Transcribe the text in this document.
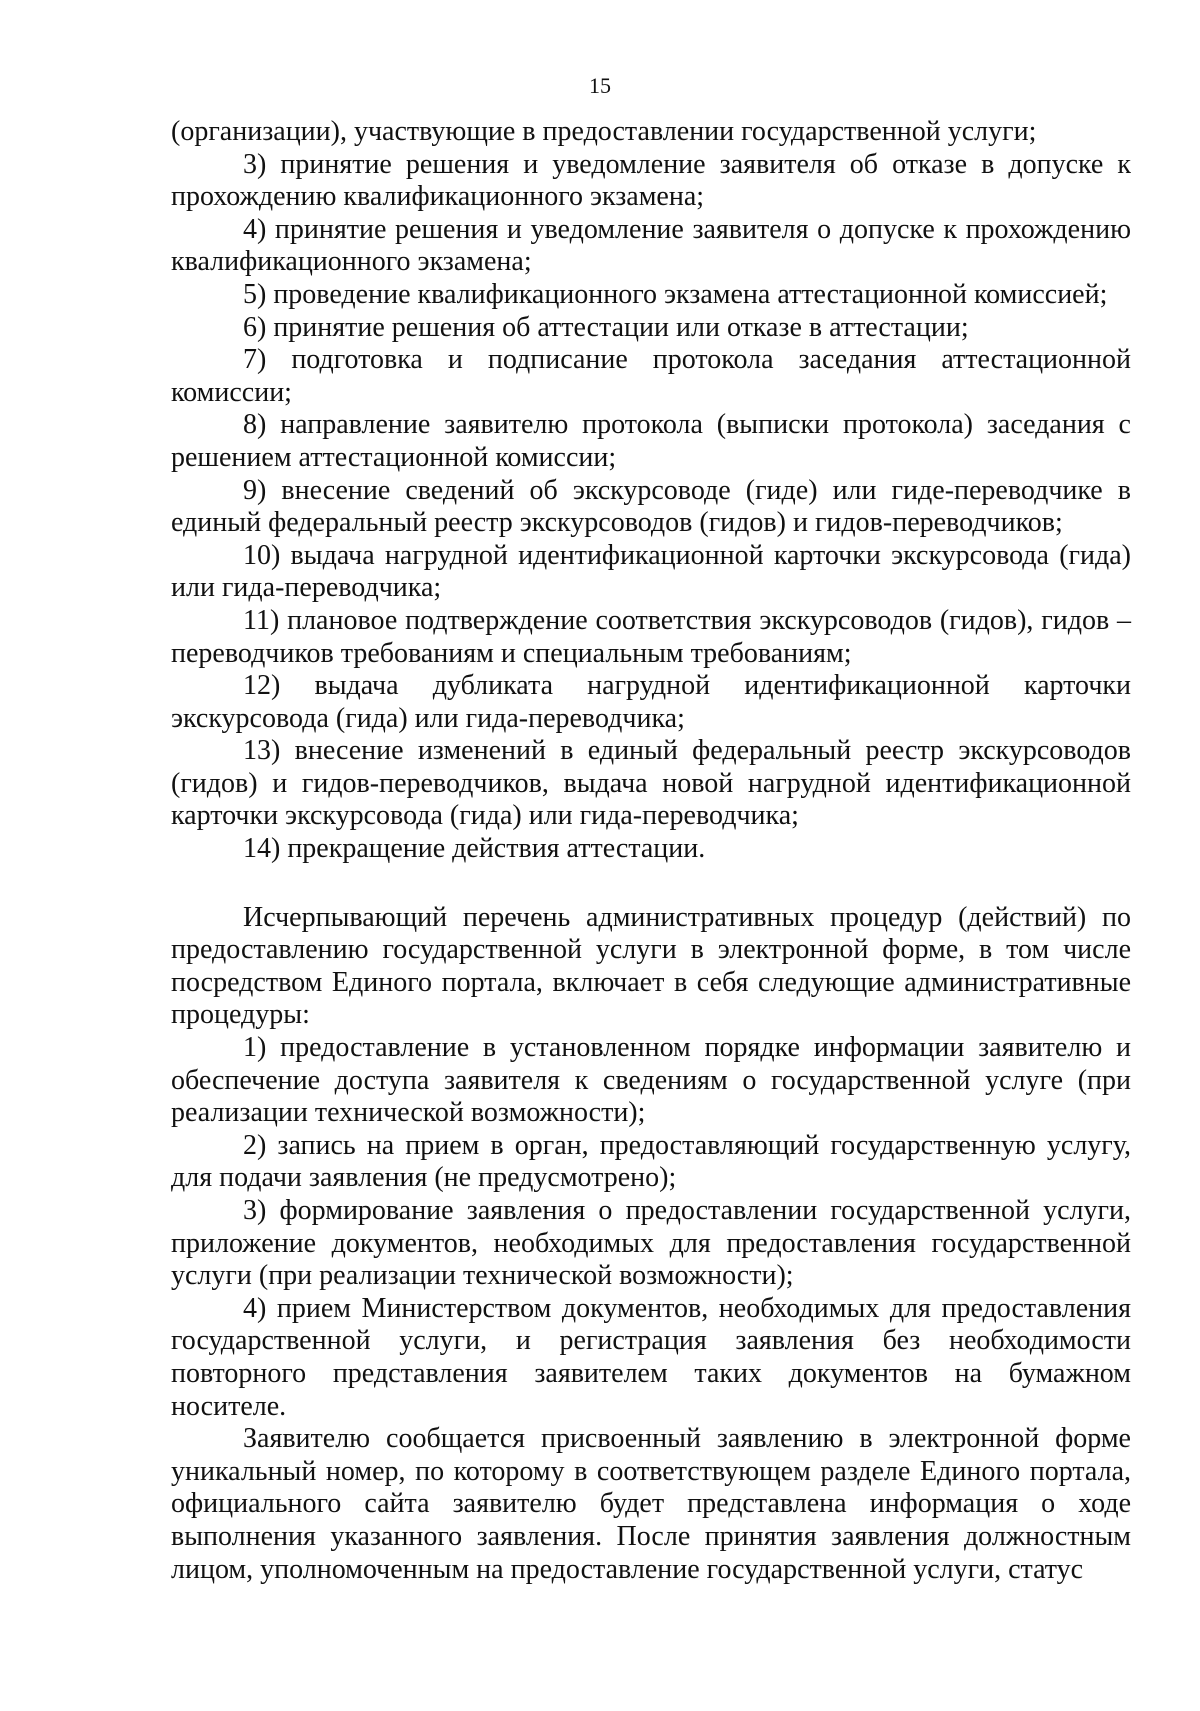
15

(организации), участвующие в предоставлении государственной услуги;

3) принятие решения и уведомление заявителя об отказе в допуске к прохождению квалификационного экзамена;

4) принятие решения и уведомление заявителя о допуске к прохождению квалификационного экзамена;

5) проведение квалификационного экзамена аттестационной комиссией;

6) принятие решения об аттестации или отказе в аттестации;

7) подготовка и подписание протокола заседания аттестационной комиссии;

8) направление заявителю протокола (выписки протокола) заседания с решением аттестационной комиссии;

9) внесение сведений об экскурсоводе (гиде) или гиде-переводчике в единый федеральный реестр экскурсоводов (гидов) и гидов-переводчиков;

10) выдача нагрудной идентификационной карточки экскурсовода (гида) или гида-переводчика;

11) плановое подтверждение соответствия экскурсоводов (гидов), гидов – переводчиков требованиям и специальным требованиям;

12) выдача дубликата нагрудной идентификационной карточки экскурсовода (гида) или гида-переводчика;

13) внесение изменений в единый федеральный реестр экскурсоводов (гидов) и гидов-переводчиков, выдача новой нагрудной идентификационной карточки экскурсовода (гида) или гида-переводчика;

14) прекращение действия аттестации.

Исчерпывающий перечень административных процедур (действий) по предоставлению государственной услуги в электронной форме, в том числе посредством Единого портала, включает в себя следующие административные процедуры:

1) предоставление в установленном порядке информации заявителю и обеспечение доступа заявителя к сведениям о государственной услуге (при реализации технической возможности);

2) запись на прием в орган, предоставляющий государственную услугу, для подачи заявления (не предусмотрено);

3) формирование заявления о предоставлении государственной услуги, приложение документов, необходимых для предоставления государственной услуги (при реализации технической возможности);

4) прием Министерством документов, необходимых для предоставления государственной услуги, и регистрация заявления без необходимости повторного представления заявителем таких документов на бумажном носителе.

Заявителю сообщается присвоенный заявлению в электронной форме уникальный номер, по которому в соответствующем разделе Единого портала, официального сайта заявителю будет представлена информация о ходе выполнения указанного заявления. После принятия заявления должностным лицом, уполномоченным на предоставление государственной услуги, статус
